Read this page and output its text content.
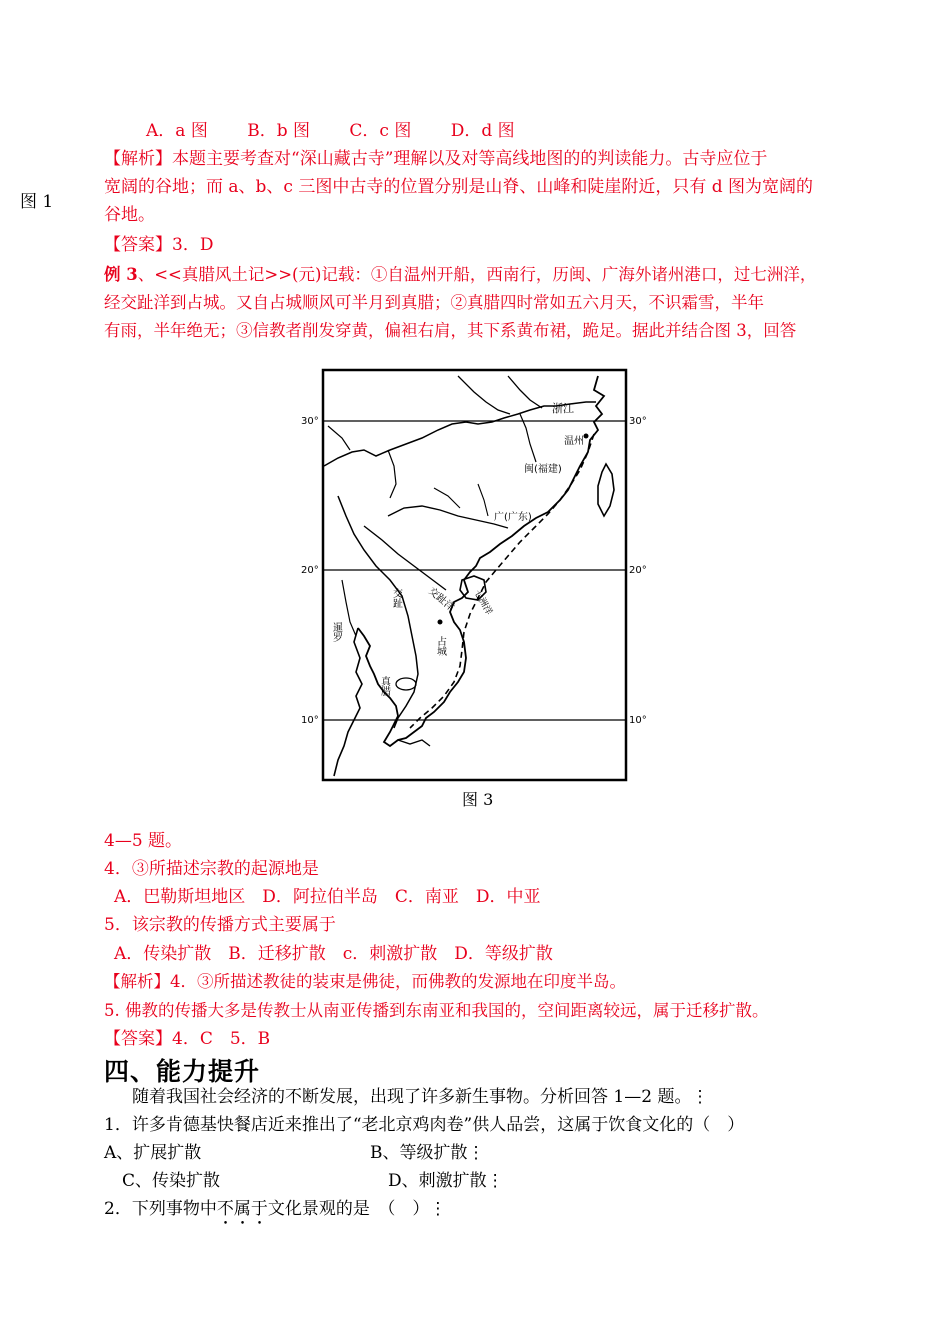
A．a 图 　　B．b 图 　　C．c 图 　　D．d 图
图 1
【解析】本题主要考查对“深山藏古寺”理解以及对等高线地图的的判读能力。古寺应位于
宽阔的谷地；而 a、b、c 三图中古寺的位置分别是山脊、山峰和陡崖附近，只有 d 图为宽阔的
谷地。
【答案】3．D
例 3、<<真腊风土记>>(元)记载：①自温州开船，西南行，历闽、广海外诸州港口，过七洲洋，
经交趾洋到占城。又自占城顺风可半月到真腊；②真腊四时常如五六月天，不识霜雪，半年
有雨，半年绝无；③信教者削发穿黄，偏袒右肩，其下系黄布裙，跪足。据此并结合图 3，回答
30°	30°
20°	20°
10°	10°
浙江
温州
闽(福建)
广(广东)
交趾 交趾洋 七洲洋
占城
暹罗
真腊
图 3
4—5 题。
4．③所描述宗教的起源地是
A．巴勒斯坦地区　D．阿拉伯半岛　C．南亚　D．中亚
5．该宗教的传播方式主要属于
A．传染扩散　B．迁移扩散　c．刺激扩散　D．等级扩散
【解析】4．③所描述教徒的装束是佛徒，而佛教的发源地在印度半岛。
5. 佛教的传播大多是传教士从南亚传播到东南亚和我国的，空间距离较远，属于迁移扩散。
【答案】4．C　5．B
四、能力提升
随着我国社会经济的不断发展，出现了许多新生事物。分析回答 1—2 题。⋮
1．许多肯德基快餐店近来推出了“老北京鸡肉卷”供人品尝，这属于饮食文化的（　）
A、扩展扩散	B、等级扩散⋮
C、传染扩散	D、刺激扩散⋮
2．下列事物中不属于文化景观的是　（　）⋮
